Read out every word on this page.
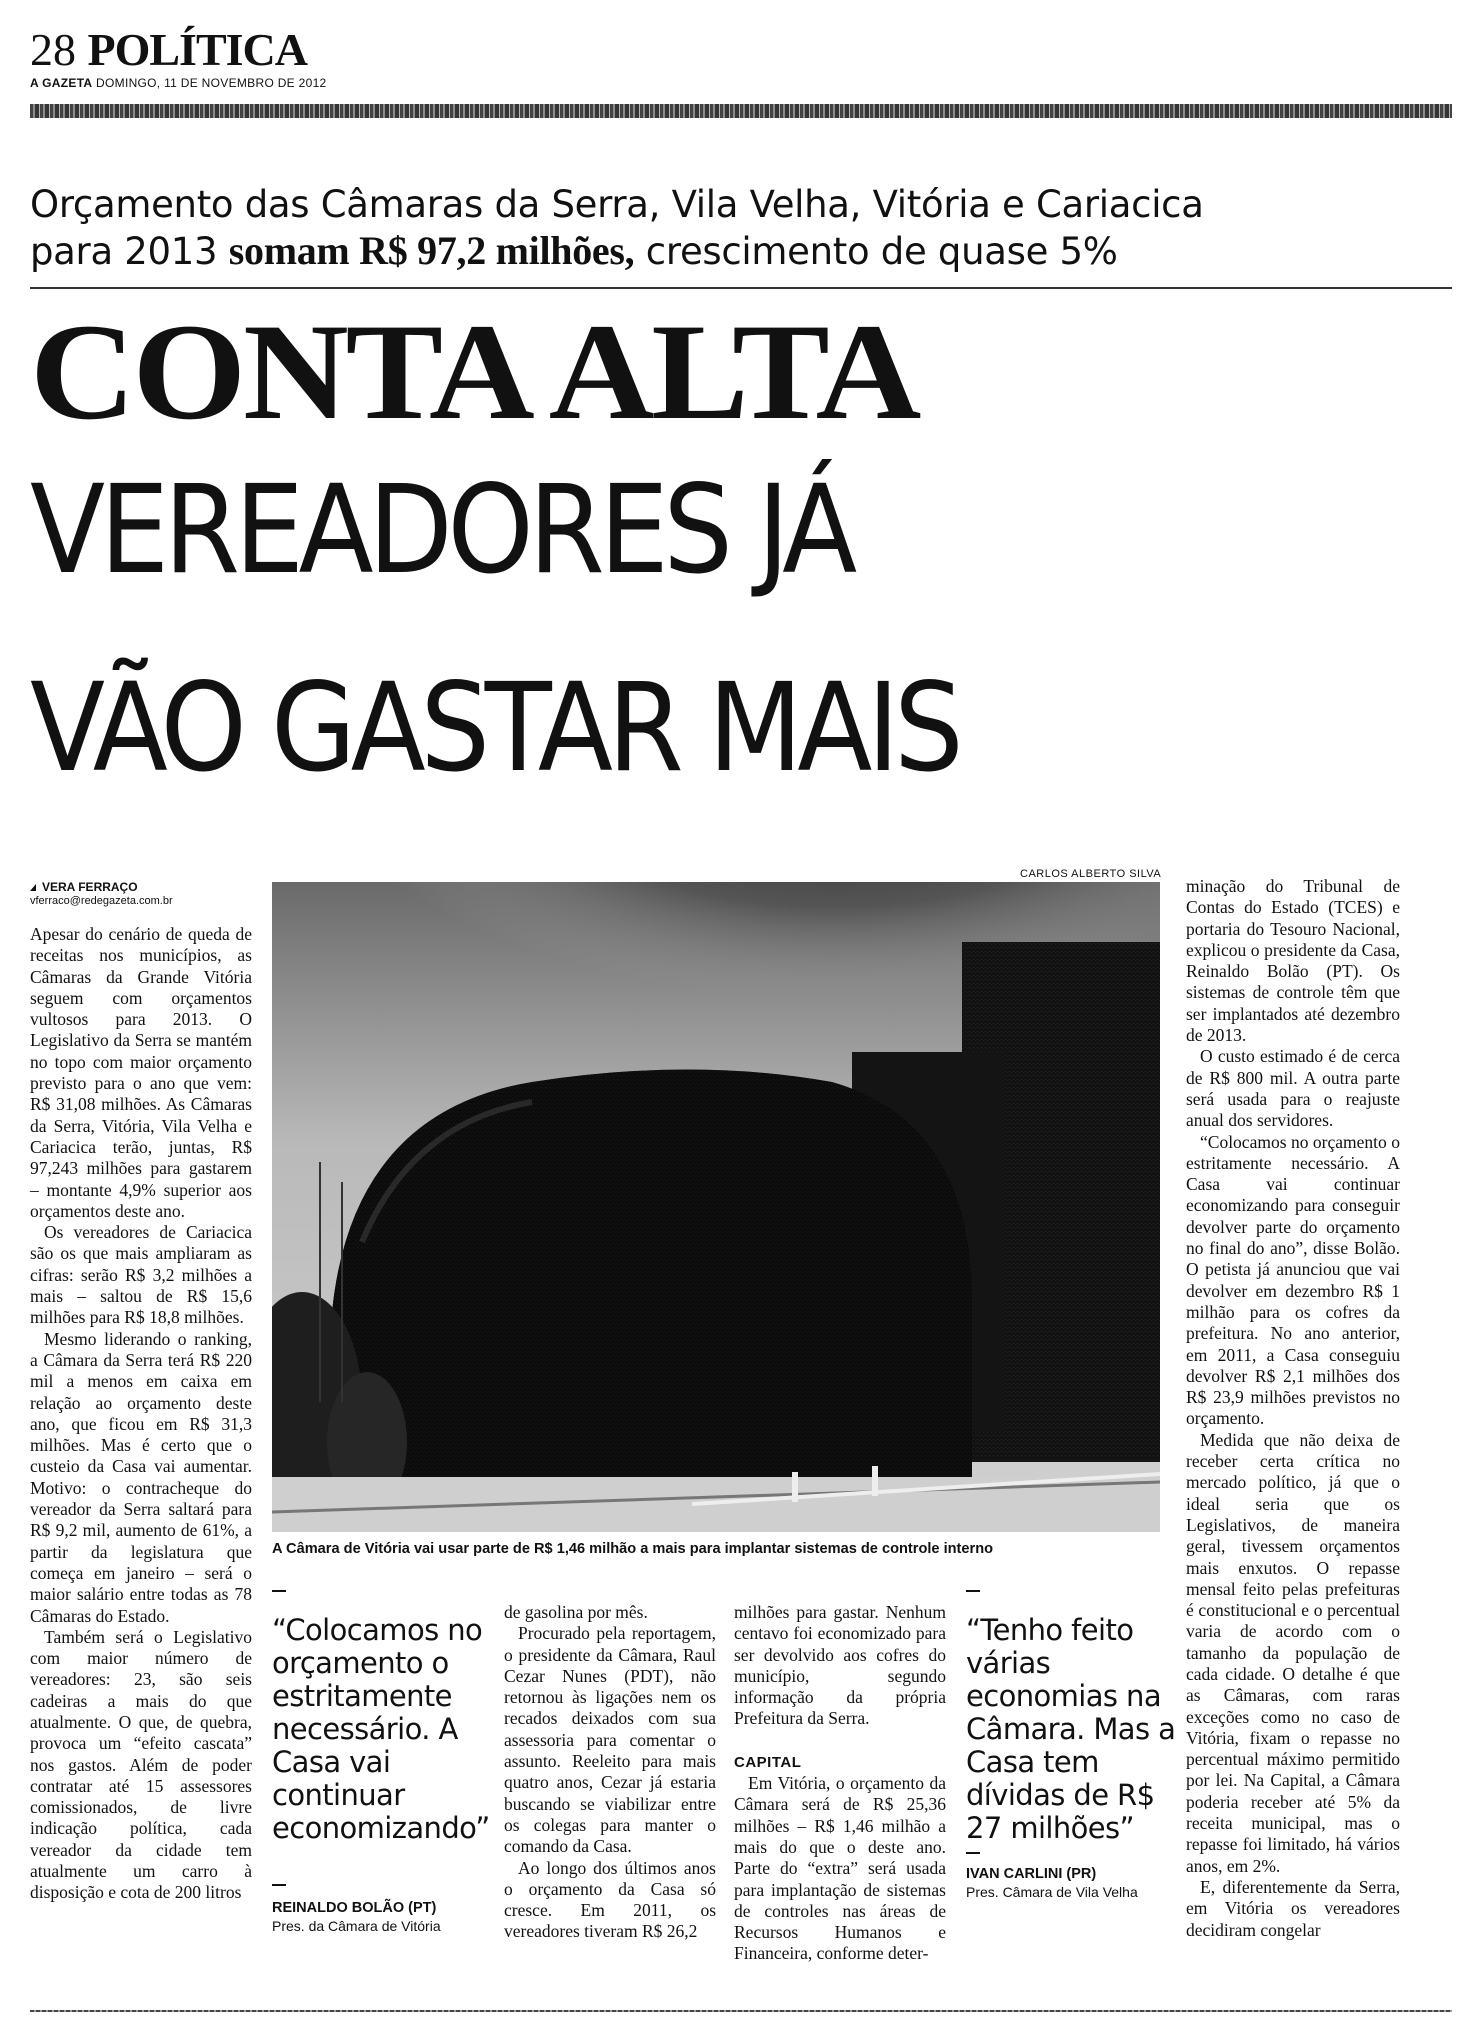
28 POLÍTICA
A GAZETA DOMINGO, 11 DE NOVEMBRO DE 2012
Orçamento das Câmaras da Serra, Vila Velha, Vitória e Cariacica
para 2013 somam R$ 97,2 milhões, crescimento de quase 5%
CONTA ALTA
VEREADORES JÁ
VÃO GASTAR MAIS
VERA FERRAÇO
vferraco@redegazeta.com.br
CARLOS ALBERTO SILVA
A Câmara de Vitória vai usar parte de R$ 1,46 milhão a mais para implantar sistemas de controle interno

Apesar do cenário de queda de receitas nos municípios, as Câmaras da Grande Vitória seguem com orçamentos vultosos para 2013. O Legislativo da Serra se mantém no topo com maior orçamento previsto para o ano que vem: R$ 31,08 milhões. As Câmaras da Serra, Vitória, Vila Velha e Cariacica terão, juntas, R$ 97,243 milhões para gastarem – montante 4,9% superior aos orçamentos deste ano.

Os vereadores de Cariacica são os que mais ampliaram as cifras: serão R$ 3,2 milhões a mais – saltou de R$ 15,6 milhões para R$ 18,8 milhões.

Mesmo liderando o ranking, a Câmara da Serra terá R$ 220 mil a menos em caixa em relação ao orçamento deste ano, que ficou em R$ 31,3 milhões. Mas é certo que o custeio da Casa vai aumentar. Motivo: o contracheque do vereador da Serra saltará para R$ 9,2 mil, aumento de 61%, a partir da legislatura que começa em janeiro – será o maior salário entre todas as 78 Câmaras do Estado.

Também será o Legislativo com maior número de vereadores: 23, são seis cadeiras a mais do que atualmente. O que, de quebra, provoca um “efeito cascata” nos gastos. Além de poder contratar até 15 assessores comissionados, de livre indicação política, cada vereador da cidade tem atualmente um carro à disposição e cota de 200 litros

“Colocamos no orçamento o estritamente necessário. A Casa vai continuar economizando”
REINALDO BOLÃO (PT)
Pres. da Câmara de Vitória

de gasolina por mês.

Procurado pela reportagem, o presidente da Câmara, Raul Cezar Nunes (PDT), não retornou às ligações nem os recados deixados com sua assessoria para comentar o assunto. Reeleito para mais quatro anos, Cezar já estaria buscando se viabilizar entre os colegas para manter o comando da Casa.

Ao longo dos últimos anos o orçamento da Casa só cresce. Em 2011, os vereadores tiveram R$ 26,2

milhões para gastar. Nenhum centavo foi economizado para ser devolvido aos cofres do município, segundo informação da própria Prefeitura da Serra.

CAPITAL

Em Vitória, o orçamento da Câmara será de R$ 25,36 milhões – R$ 1,46 milhão a mais do que o deste ano. Parte do “extra” será usada para implantação de sistemas de controles nas áreas de Recursos Humanos e Financeira, conforme deter-

“Tenho feito várias economias na Câmara. Mas a Casa tem dívidas de R$ 27 milhões”
IVAN CARLINI (PR)
Pres. Câmara de Vila Velha

minação do Tribunal de Contas do Estado (TCES) e portaria do Tesouro Nacional, explicou o presidente da Casa, Reinaldo Bolão (PT). Os sistemas de controle têm que ser implantados até dezembro de 2013.

O custo estimado é de cerca de R$ 800 mil. A outra parte será usada para o reajuste anual dos servidores.

“Colocamos no orçamento o estritamente necessário. A Casa vai continuar economizando para conseguir devolver parte do orçamento no final do ano”, disse Bolão. O petista já anunciou que vai devolver em dezembro R$ 1 milhão para os cofres da prefeitura. No ano anterior, em 2011, a Casa conseguiu devolver R$ 2,1 milhões dos R$ 23,9 milhões previstos no orçamento.

Medida que não deixa de receber certa crítica no mercado político, já que o ideal seria que os Legislativos, de maneira geral, tivessem orçamentos mais enxutos. O repasse mensal feito pelas prefeituras é constitucional e o percentual varia de acordo com o tamanho da população de cada cidade. O detalhe é que as Câmaras, com raras exceções como no caso de Vitória, fixam o repasse no percentual máximo permitido por lei. Na Capital, a Câmara poderia receber até 5% da receita municipal, mas o repasse foi limitado, há vários anos, em 2%.

E, diferentemente da Serra, em Vitória os vereadores decidiram congelar
